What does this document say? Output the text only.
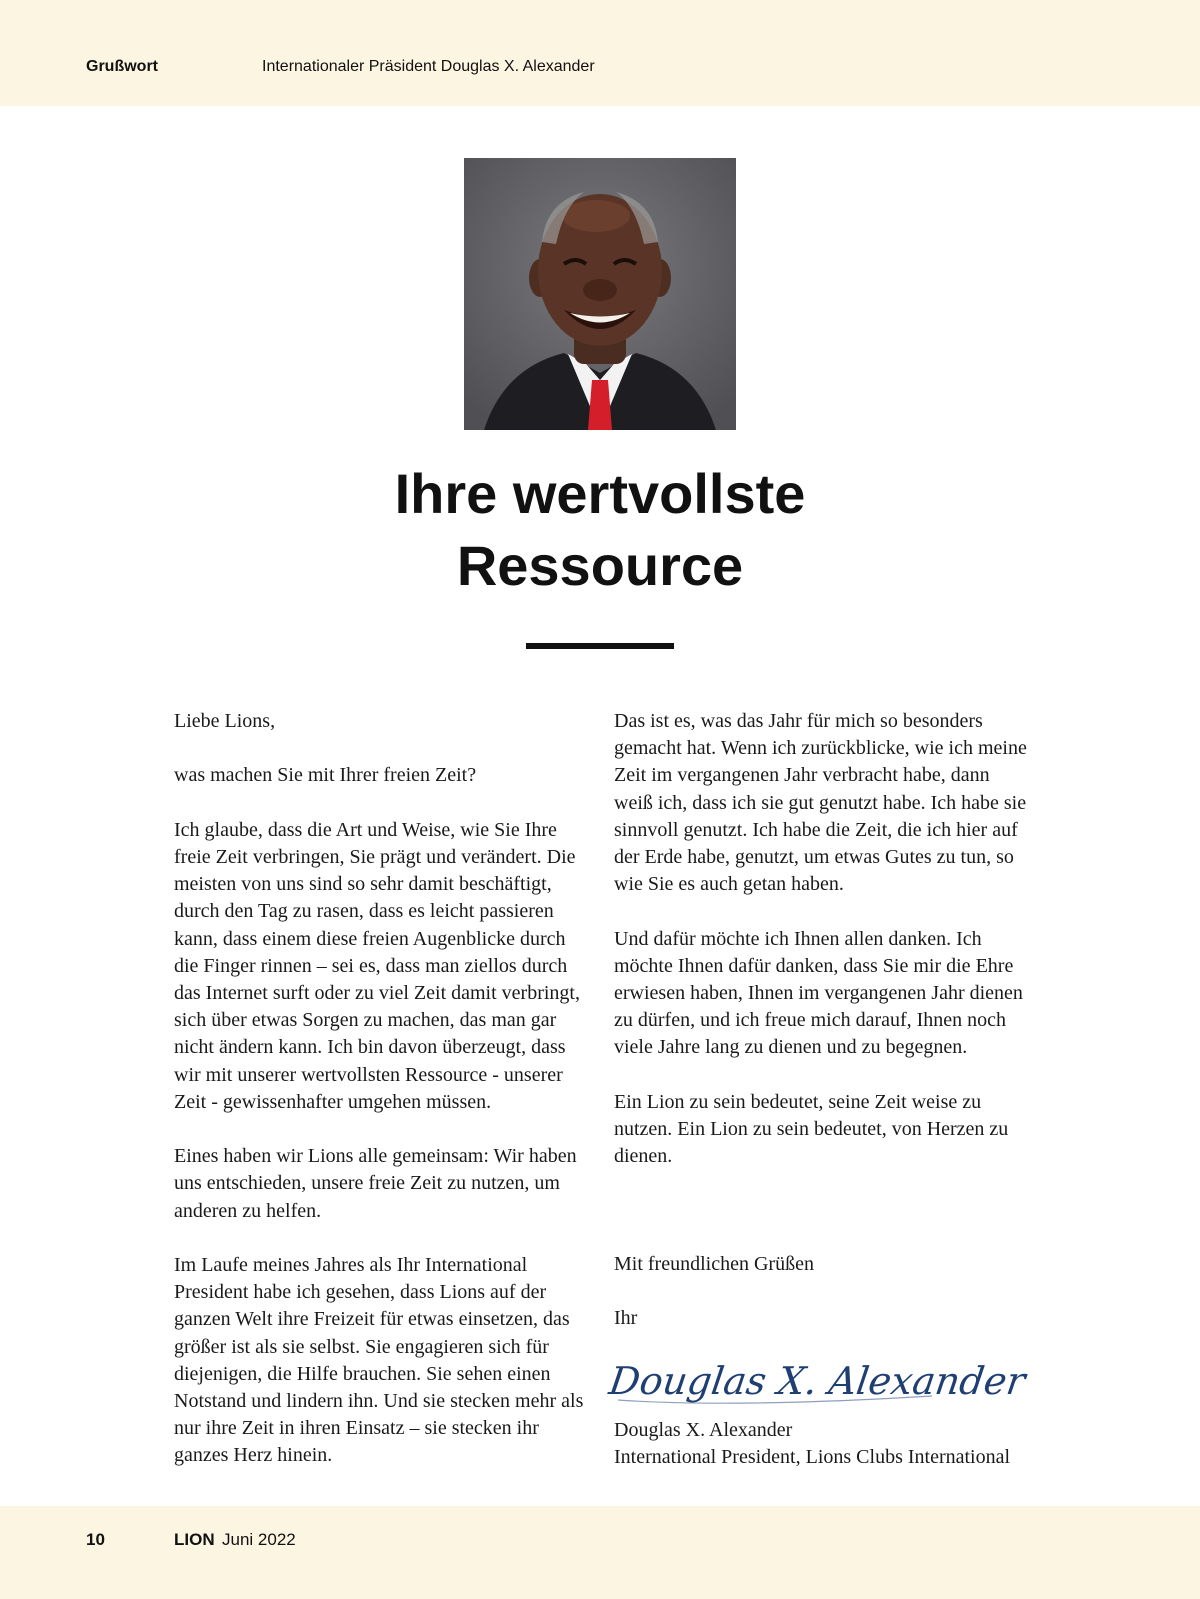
Grußwort	Internationaler Präsident Douglas X. Alexander
Ihre wertvollste
Ressource

Liebe Lions,

was machen Sie mit Ihrer freien Zeit?

Ich glaube, dass die Art und Weise, wie Sie Ihre freie Zeit verbringen, Sie prägt und verändert. Die meisten von uns sind so sehr damit beschäftigt, durch den Tag zu rasen, dass es leicht passieren kann, dass einem diese freien Augenblicke durch die Finger rinnen – sei es, dass man ziellos durch das Internet surft oder zu viel Zeit damit verbringt, sich über etwas Sorgen zu machen, das man gar nicht ändern kann. Ich bin davon überzeugt, dass wir mit unserer wertvollsten Ressource - unserer Zeit - gewissenhafter umgehen müssen.

Eines haben wir Lions alle gemeinsam: Wir haben uns entschieden, unsere freie Zeit zu nutzen, um anderen zu helfen.

Im Laufe meines Jahres als Ihr International President habe ich gesehen, dass Lions auf der ganzen Welt ihre Freizeit für etwas einsetzen, das größer ist als sie selbst. Sie engagieren sich für diejenigen, die Hilfe brauchen. Sie sehen einen Notstand und lindern ihn. Und sie stecken mehr als nur ihre Zeit in ihren Einsatz – sie stecken ihr ganzes Herz hinein.

Das ist es, was das Jahr für mich so besonders gemacht hat. Wenn ich zurückblicke, wie ich meine Zeit im vergangenen Jahr verbracht habe, dann weiß ich, dass ich sie gut genutzt habe. Ich habe sie sinnvoll genutzt. Ich habe die Zeit, die ich hier auf der Erde habe, genutzt, um etwas Gutes zu tun, so wie Sie es auch getan haben.

Und dafür möchte ich Ihnen allen danken. Ich möchte Ihnen dafür danken, dass Sie mir die Ehre erwiesen haben, Ihnen im vergangenen Jahr dienen zu dürfen, und ich freue mich darauf, Ihnen noch viele Jahre lang zu dienen und zu begegnen.

Ein Lion zu sein bedeutet, seine Zeit weise zu nutzen. Ein Lion zu sein bedeutet, von Herzen zu dienen.

Mit freundlichen Grüßen

Ihr

Douglas X. Alexander
Douglas X. Alexander
International President, Lions Clubs International
10	LION Juni 2022
